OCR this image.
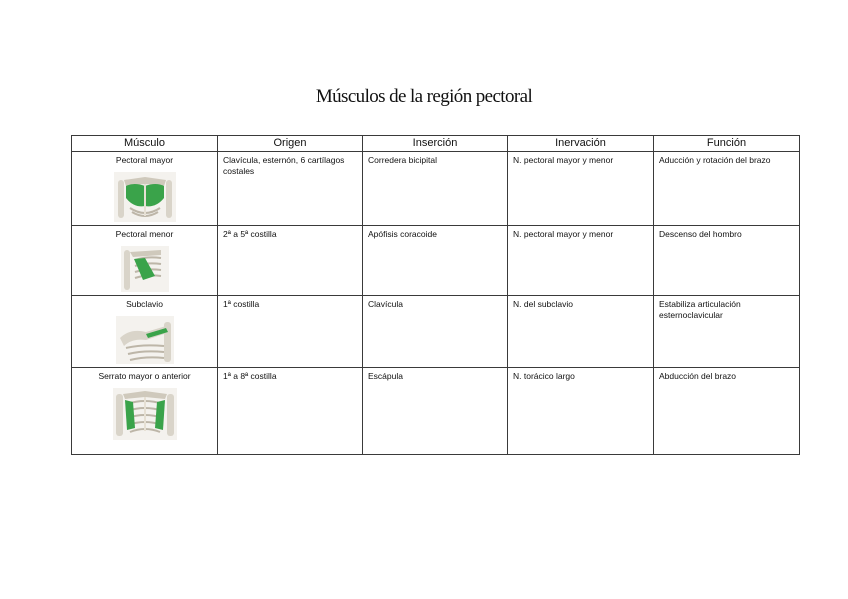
Músculos de la región pectoral
Músculo	Origen	Inserción	Inervación	Función

Pectoral mayor	Clavícula, esternón, 6 cartílagos costales	Corredera bicipital	N. pectoral mayor y menor	Aducción y rotación del brazo

Pectoral menor	2ª a 5ª costilla	Apófisis coracoide	N. pectoral mayor y menor	Descenso del hombro

Subclavio	1ª costilla	Clavícula	N. del subclavio	Estabiliza articulación esternoclavicular

Serrato mayor o anterior	1ª a 8ª costilla	Escápula	N. torácico largo	Abducción del brazo
